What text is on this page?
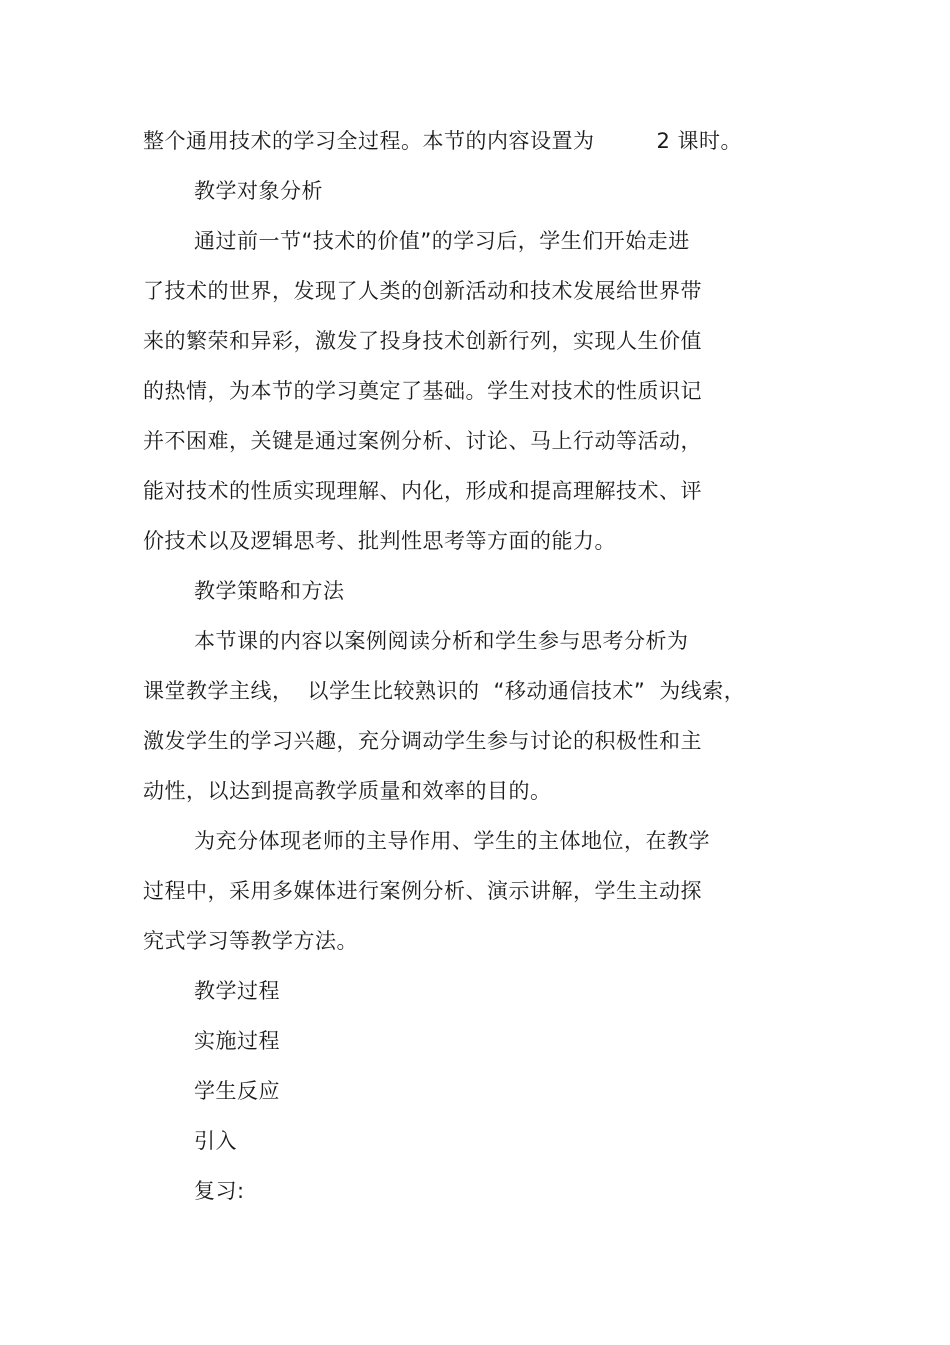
整个通用技术的学习全过程。本节的内容设置为	2 课时。
教学对象分析
通过前一节“技术的价值”的学习后，学生们开始走进
了技术的世界，发现了人类的创新活动和技术发展给世界带
来的繁荣和异彩，激发了投身技术创新行列，实现人生价值
的热情，为本节的学习奠定了基础。学生对技术的性质识记
并不困难，关键是通过案例分析、讨论、马上行动等活动，
能对技术的性质实现理解、内化，形成和提高理解技术、评
价技术以及逻辑思考、批判性思考等方面的能力。
教学策略和方法
本节课的内容以案例阅读分析和学生参与思考分析为
课堂教学主线， 以学生比较熟识的 “移动通信技术” 为线索，
激发学生的学习兴趣，充分调动学生参与讨论的积极性和主
动性，以达到提高教学质量和效率的目的。
为充分体现老师的主导作用、学生的主体地位，在教学
过程中，采用多媒体进行案例分析、演示讲解，学生主动探
究式学习等教学方法。
教学过程
实施过程
学生反应
引入
复习:
